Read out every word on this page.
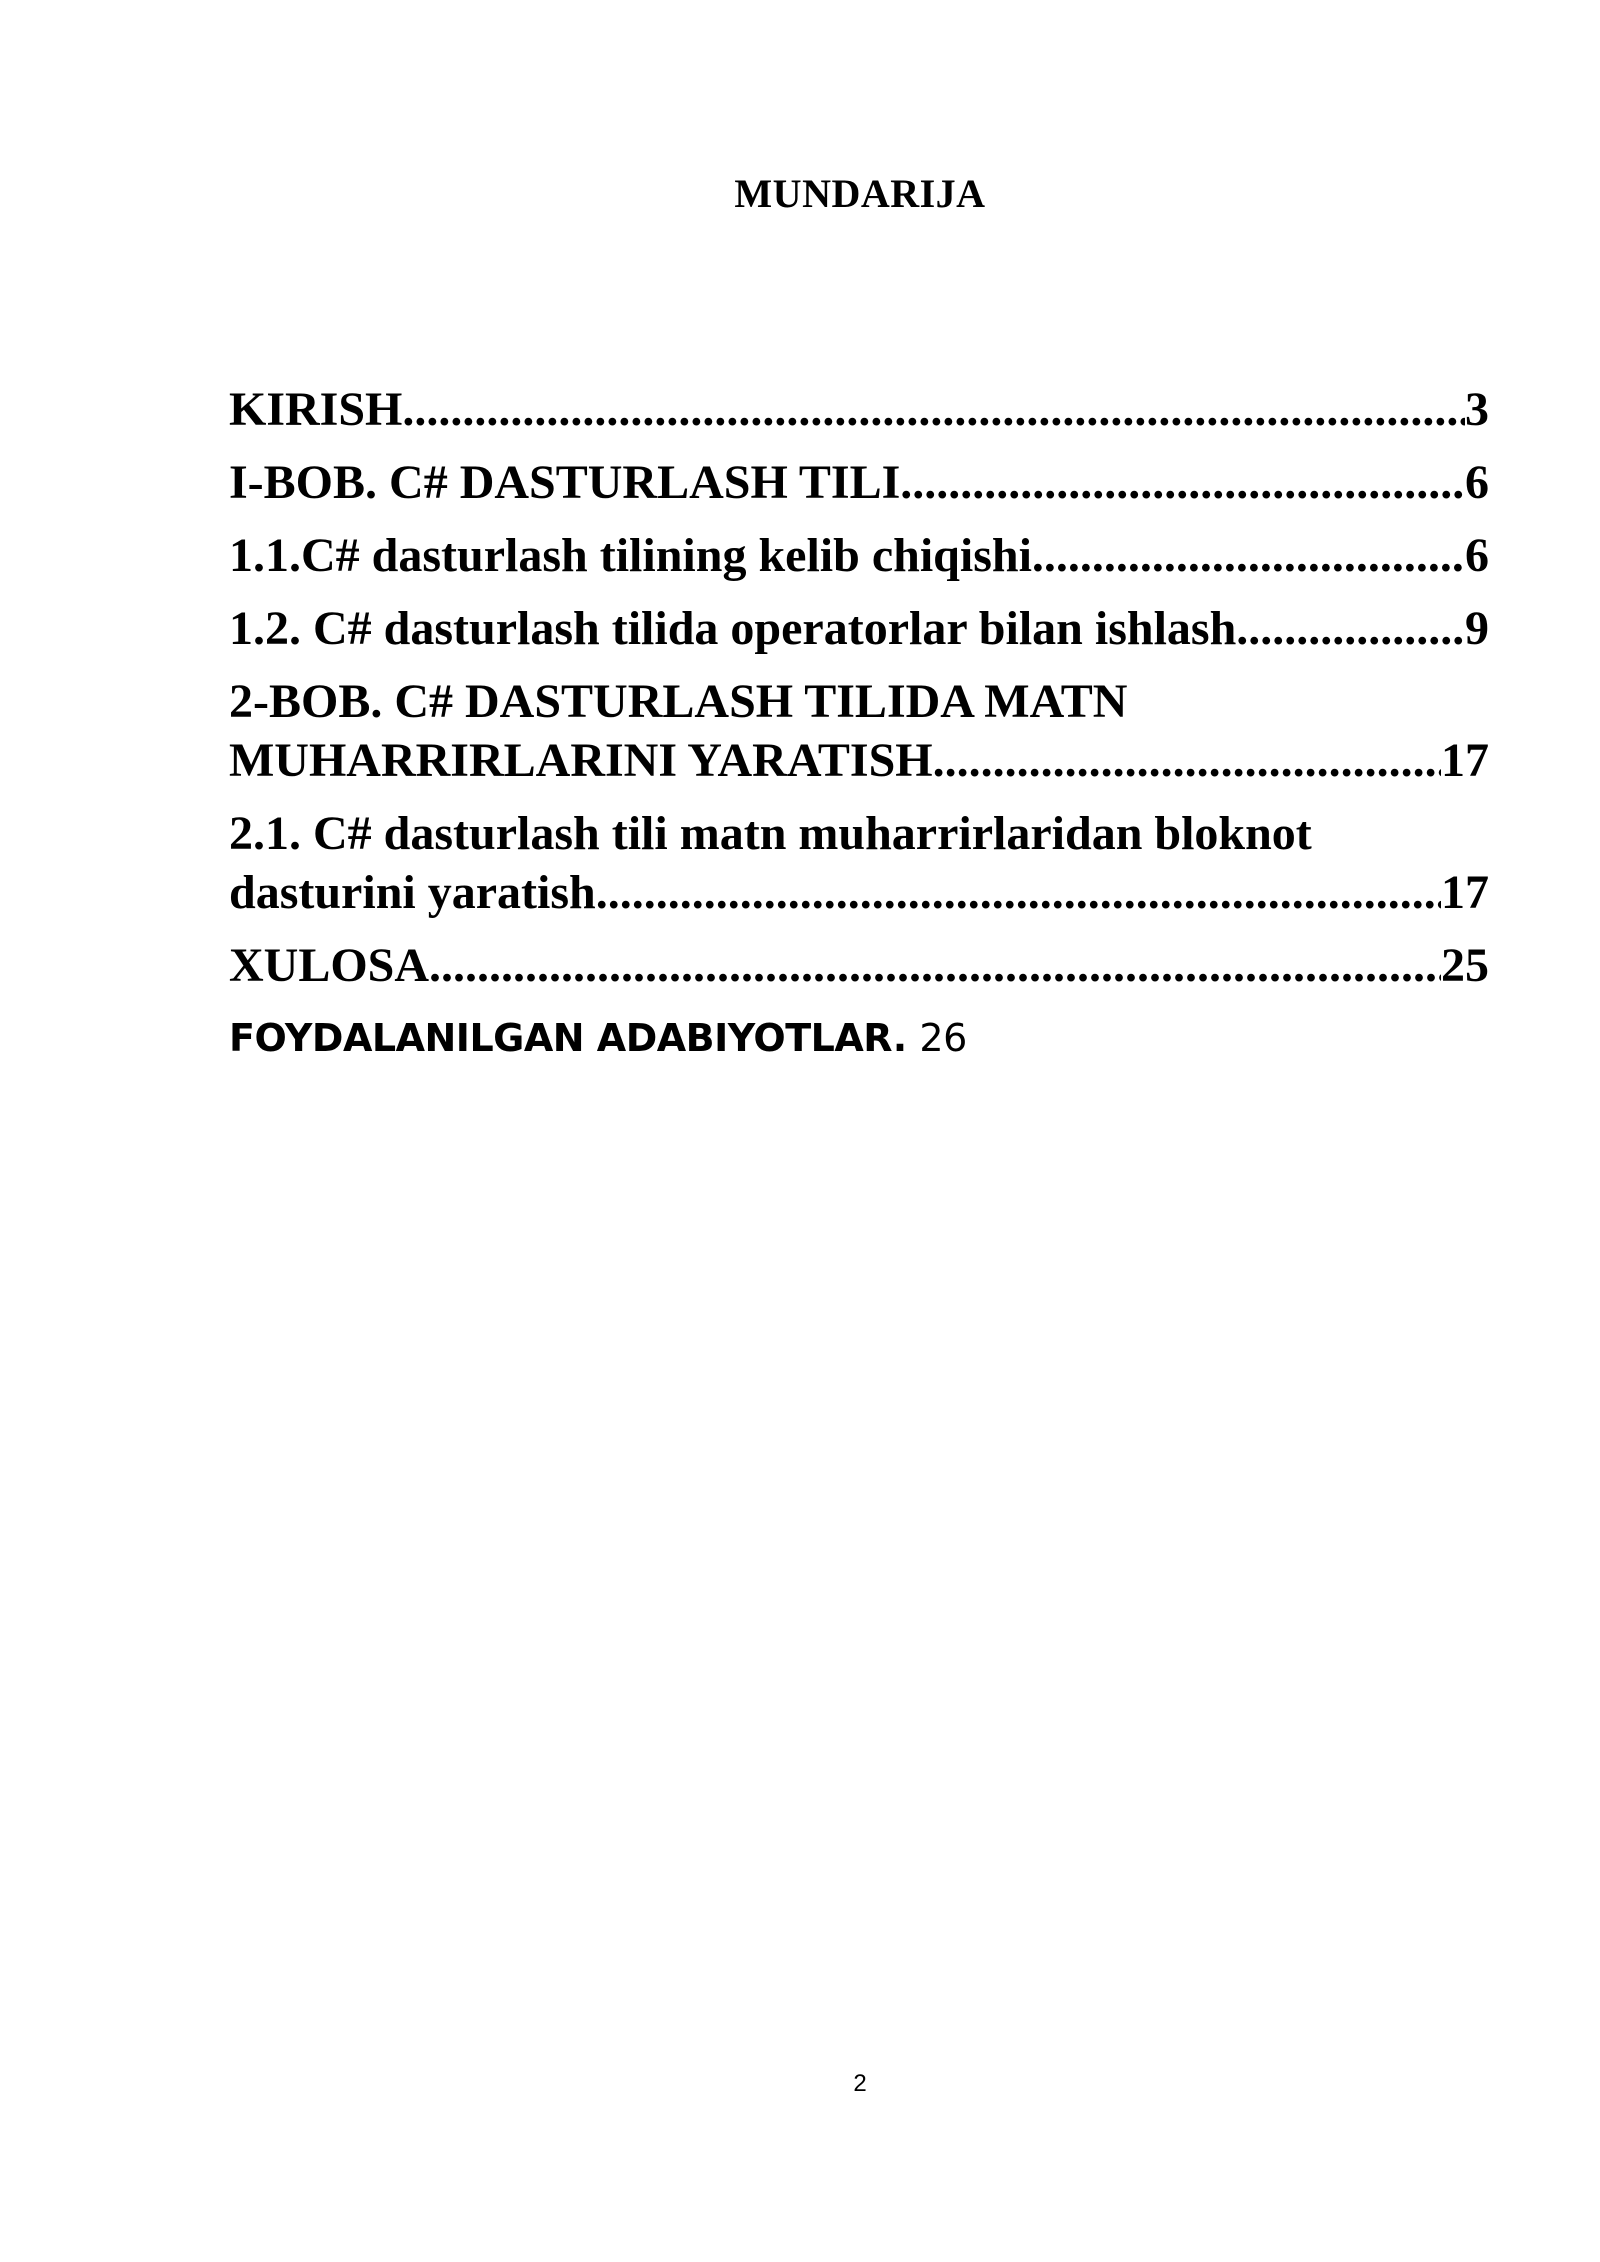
MUNDARIJA
KIRISH .....	3
I-BOB. C# DASTURLASH TILI .....	6
1.1.C# dasturlash tilining kelib chiqishi .....	6
1.2. C# dasturlash tilida operatorlar bilan ishlash .....	9
2-BOB. C# DASTURLASH TILIDA MATN
MUHARRIRLARINI YARATISH .....	17
2.1. C# dasturlash tili matn muharrirlaridan bloknot
dasturini yaratish .....	17
XULOSA .....	25
FOYDALANILGAN ADABIYOTLAR. 26
2
